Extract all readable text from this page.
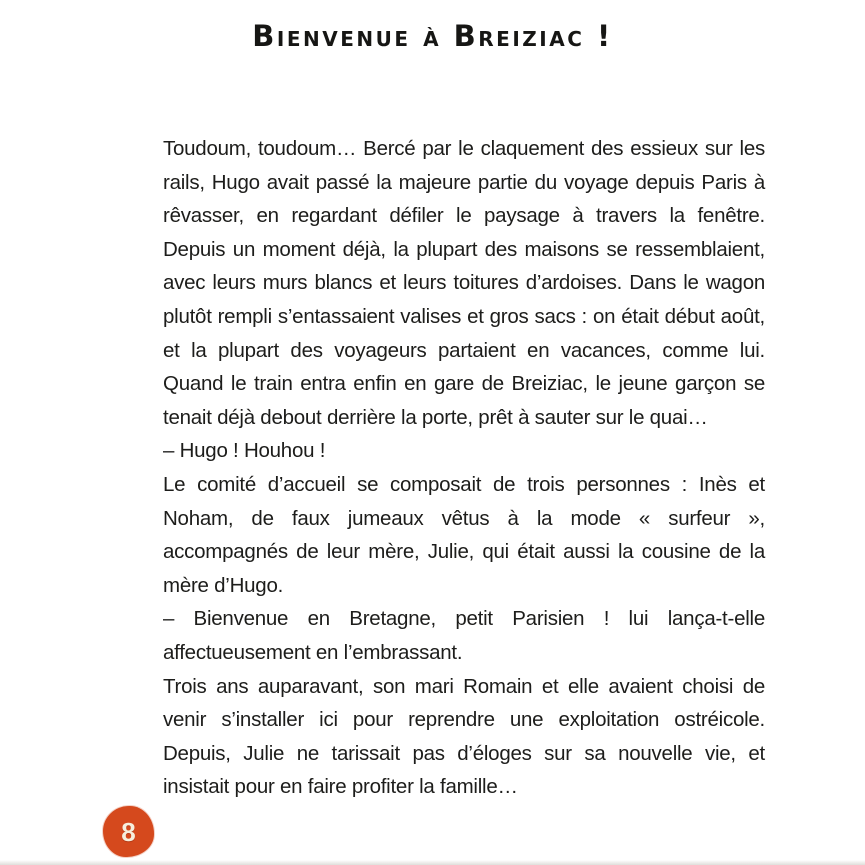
Bienvenue à Breiziac !

Toudoum, toudoum… Bercé par le claquement des essieux sur les rails, Hugo avait passé la majeure partie du voyage depuis Paris à rêvasser, en regardant défiler le paysage à travers la fenêtre. Depuis un moment déjà, la plupart des maisons se ressemblaient, avec leurs murs blancs et leurs toitures d’ardoises. Dans le wagon plutôt rempli s’entassaient valises et gros sacs : on était début août, et la plupart des voyageurs partaient en vacances, comme lui. Quand le train entra enfin en gare de Breiziac, le jeune garçon se tenait déjà debout derrière la porte, prêt à sauter sur le quai…

– Hugo ! Houhou !

Le comité d’accueil se composait de trois personnes : Inès et Noham, de faux jumeaux vêtus à la mode « surfeur », accompagnés de leur mère, Julie, qui était aussi la cousine de la mère d’Hugo.

– Bienvenue en Bretagne, petit Parisien ! lui lança-t-elle affectueusement en l’embrassant.

Trois ans auparavant, son mari Romain et elle avaient choisi de venir s’installer ici pour reprendre une exploitation ostréicole. Depuis, Julie ne tarissait pas d’éloges sur sa nouvelle vie, et insistait pour en faire profiter la famille…

8
